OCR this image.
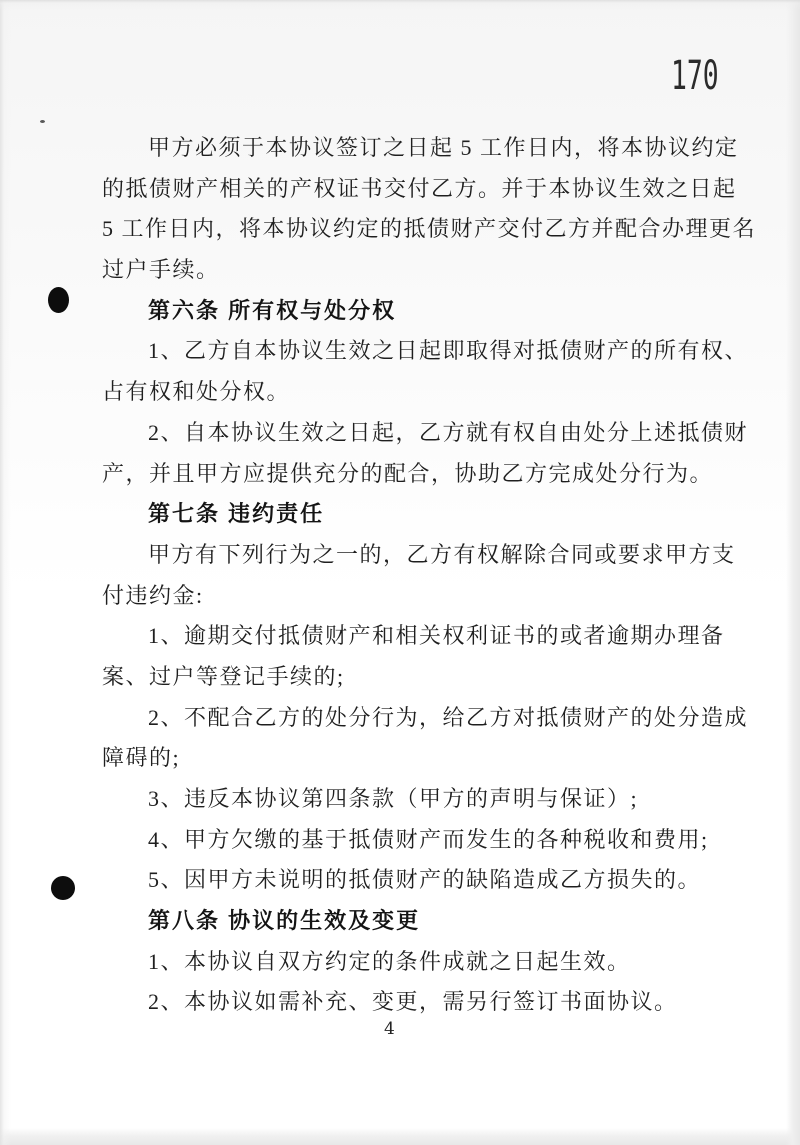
170
甲方必须于本协议签订之日起 5 工作日内，将本协议约定
的抵债财产相关的产权证书交付乙方。并于本协议生效之日起
5 工作日内，将本协议约定的抵债财产交付乙方并配合办理更名
过户手续。
第六条 所有权与处分权
1、乙方自本协议生效之日起即取得对抵债财产的所有权、
占有权和处分权。
2、自本协议生效之日起，乙方就有权自由处分上述抵债财
产，并且甲方应提供充分的配合，协助乙方完成处分行为。
第七条 违约责任
甲方有下列行为之一的，乙方有权解除合同或要求甲方支
付违约金:
1、逾期交付抵债财产和相关权利证书的或者逾期办理备
案、过户等登记手续的;
2、不配合乙方的处分行为，给乙方对抵债财产的处分造成
障碍的;
3、违反本协议第四条款（甲方的声明与保证）;
4、甲方欠缴的基于抵债财产而发生的各种税收和费用;
5、因甲方未说明的抵债财产的缺陷造成乙方损失的。
第八条 协议的生效及变更
1、本协议自双方约定的条件成就之日起生效。
2、本协议如需补充、变更，需另行签订书面协议。
4
